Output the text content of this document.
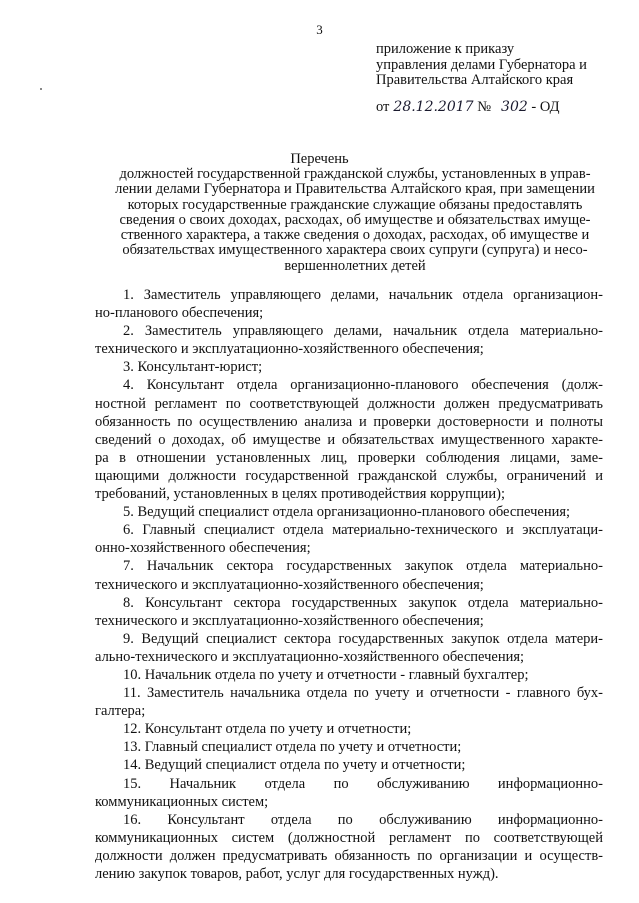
3
приложение к приказу
управления делами Губернатора и
Правительства Алтайского края
от 28.12.2017 № 302 - ОД
Перечень
должностей государственной гражданской службы, установленных в управ-
лении делами Губернатора и Правительства Алтайского края, при замещении
которых государственные гражданские служащие обязаны предоставлять
сведения о своих доходах, расходах, об имуществе и обязательствах имуще-
ственного характера, а также сведения о доходах, расходах, об имуществе и
обязательствах имущественного характера своих супруги (супруга) и несо-
вершеннолетних детей
1. Заместитель управляющего делами, начальник отдела организацион-
но-планового обеспечения;
2. Заместитель управляющего делами, начальник отдела материально-
технического и эксплуатационно-хозяйственного обеспечения;
3. Консультант-юрист;
4. Консультант отдела организационно-планового обеспечения (долж-
ностной регламент по соответствующей должности должен предусматривать
обязанность по осуществлению анализа и проверки достоверности и полноты
сведений о доходах, об имуществе и обязательствах имущественного характе-
ра в отношении установленных лиц, проверки соблюдения лицами, заме-
щающими должности государственной гражданской службы, ограничений и
требований, установленных в целях противодействия коррупции);
5. Ведущий специалист отдела организационно-планового обеспечения;
6. Главный специалист отдела материально-технического и эксплуатаци-
онно-хозяйственного обеспечения;
7. Начальник сектора государственных закупок отдела материально-
технического и эксплуатационно-хозяйственного обеспечения;
8. Консультант сектора государственных закупок отдела материально-
технического и эксплуатационно-хозяйственного обеспечения;
9. Ведущий специалист сектора государственных закупок отдела матери-
ально-технического и эксплуатационно-хозяйственного обеспечения;
10. Начальник отдела по учету и отчетности - главный бухгалтер;
11. Заместитель начальника отдела по учету и отчетности - главного бух-
галтера;
12. Консультант отдела по учету и отчетности;
13. Главный специалист отдела по учету и отчетности;
14. Ведущий специалист отдела по учету и отчетности;
15. Начальник отдела по обслуживанию информационно-
коммуникационных систем;
16. Консультант отдела по обслуживанию информационно-
коммуникационных систем (должностной регламент по соответствующей
должности должен предусматривать обязанность по организации и осуществ-
лению закупок товаров, работ, услуг для государственных нужд).
